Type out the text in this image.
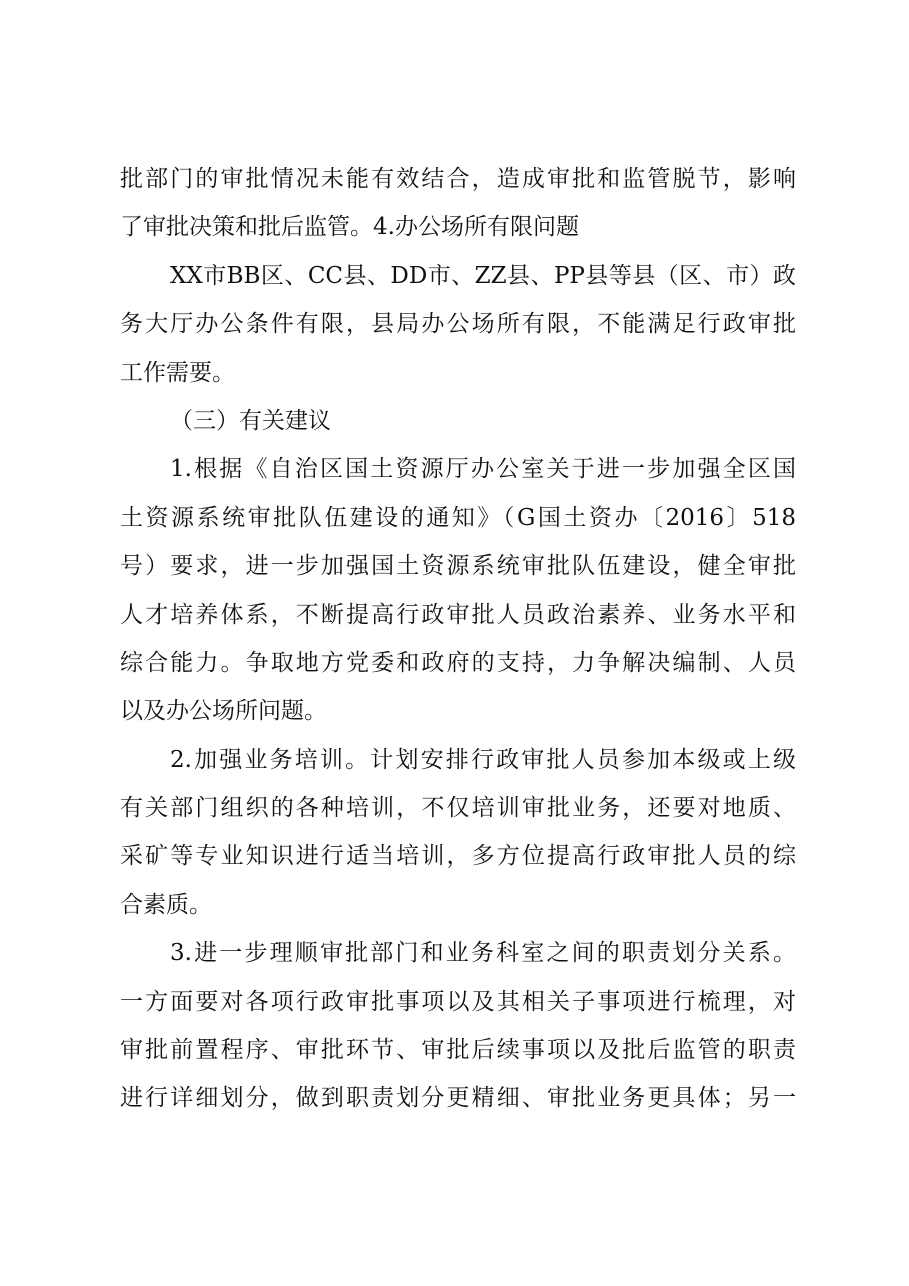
批部门的审批情况未能有效结合，造成审批和监管脱节，影响
了审批决策和批后监管。4.办公场所有限问题
XX市BB区、CC县、DD市、ZZ县、PP县等县（区、市）政
务大厅办公条件有限，县局办公场所有限，不能满足行政审批
工作需要。
（三）有关建议
1.根据《自治区国土资源厅办公室关于进一步加强全区国
土资源系统审批队伍建设的通知》（G国土资办〔2016〕518
号）要求，进一步加强国土资源系统审批队伍建设，健全审批
人才培养体系，不断提高行政审批人员政治素养、业务水平和
综合能力。争取地方党委和政府的支持，力争解决编制、人员
以及办公场所问题。
2.加强业务培训。计划安排行政审批人员参加本级或上级
有关部门组织的各种培训，不仅培训审批业务，还要对地质、
采矿等专业知识进行适当培训，多方位提高行政审批人员的综
合素质。
3.进一步理顺审批部门和业务科室之间的职责划分关系。
一方面要对各项行政审批事项以及其相关子事项进行梳理，对
审批前置程序、审批环节、审批后续事项以及批后监管的职责
进行详细划分，做到职责划分更精细、审批业务更具体；另一
